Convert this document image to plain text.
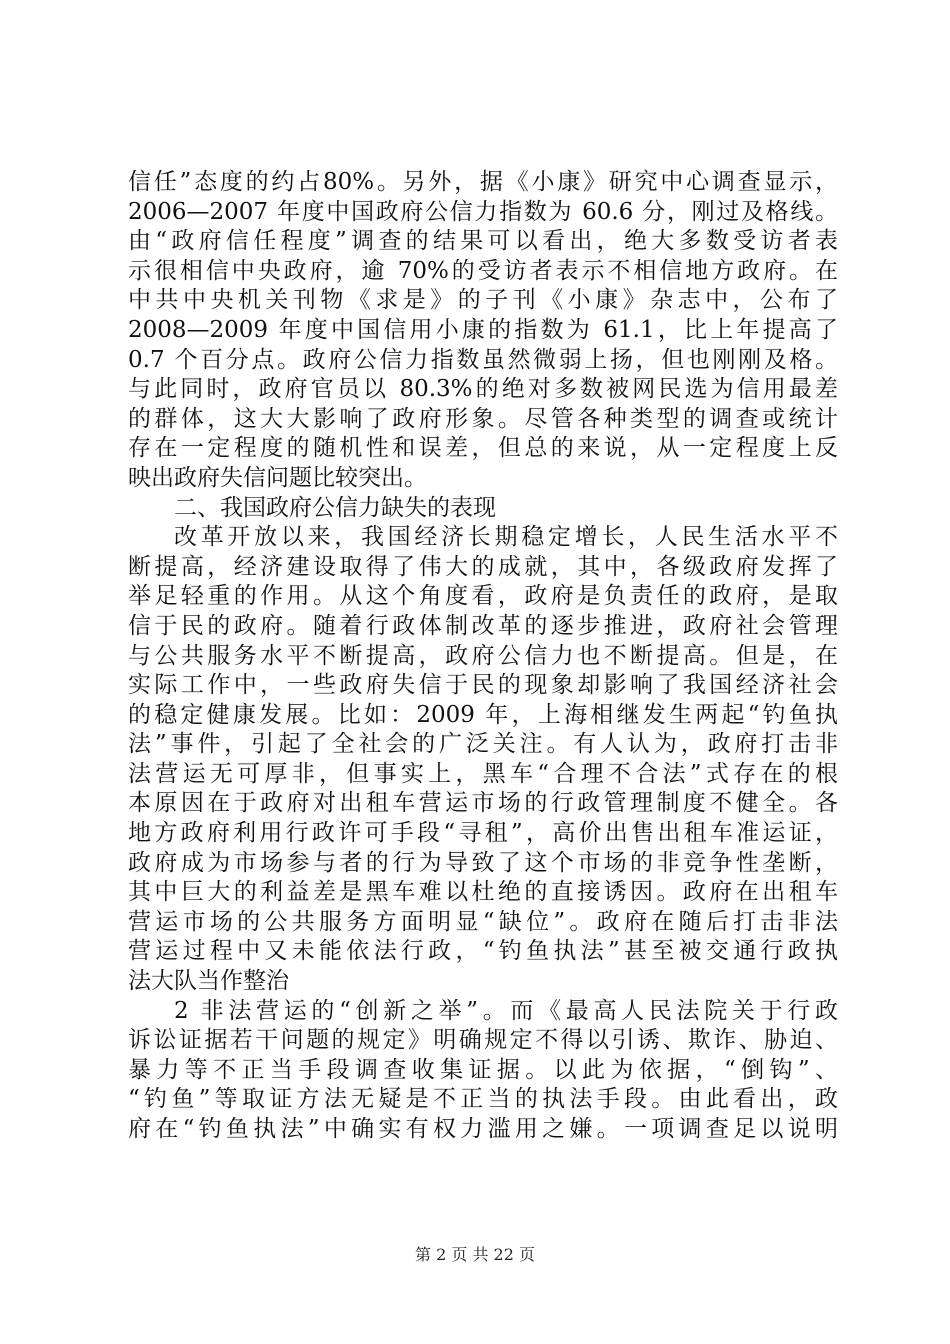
信任”态度的约占80%。另外，据《小康》研究中心调查显示，
2006—2007 年度中国政府公信力指数为 60.6 分，刚过及格线。
由“政府信任程度”调查的结果可以看出，绝大多数受访者表
示很相信中央政府，逾 70%的受访者表示不相信地方政府。在
中共中央机关刊物《求是》的子刊《小康》杂志中，公布了
2008—2009 年度中国信用小康的指数为 61.1，比上年提高了
0.7 个百分点。政府公信力指数虽然微弱上扬，但也刚刚及格。
与此同时，政府官员以 80.3%的绝对多数被网民选为信用最差
的群体，这大大影响了政府形象。尽管各种类型的调查或统计
存在一定程度的随机性和误差，但总的来说，从一定程度上反
映出政府失信问题比较突出。
二、我国政府公信力缺失的表现
改革开放以来，我国经济长期稳定增长，人民生活水平不
断提高，经济建设取得了伟大的成就，其中，各级政府发挥了
举足轻重的作用。从这个角度看，政府是负责任的政府，是取
信于民的政府。随着行政体制改革的逐步推进，政府社会管理
与公共服务水平不断提高，政府公信力也不断提高。但是，在
实际工作中，一些政府失信于民的现象却影响了我国经济社会
的稳定健康发展。比如：2009 年，上海相继发生两起“钓鱼执
法”事件，引起了全社会的广泛关注。有人认为，政府打击非
法营运无可厚非，但事实上，黑车“合理不合法”式存在的根
本原因在于政府对出租车营运市场的行政管理制度不健全。各
地方政府利用行政许可手段“寻租”，高价出售出租车准运证，
政府成为市场参与者的行为导致了这个市场的非竞争性垄断，
其中巨大的利益差是黑车难以杜绝的直接诱因。政府在出租车
营运市场的公共服务方面明显“缺位”。政府在随后打击非法
营运过程中又未能依法行政，“钓鱼执法”甚至被交通行政执
法大队当作整治
2 非法营运的“创新之举”。而《最高人民法院关于行政
诉讼证据若干问题的规定》明确规定不得以引诱、欺诈、胁迫、
暴力等不正当手段调查收集证据。以此为依据，“倒钩”、
“钓鱼”等取证方法无疑是不正当的执法手段。由此看出，政
府在“钓鱼执法”中确实有权力滥用之嫌。一项调查足以说明
第 2 页 共 22 页
